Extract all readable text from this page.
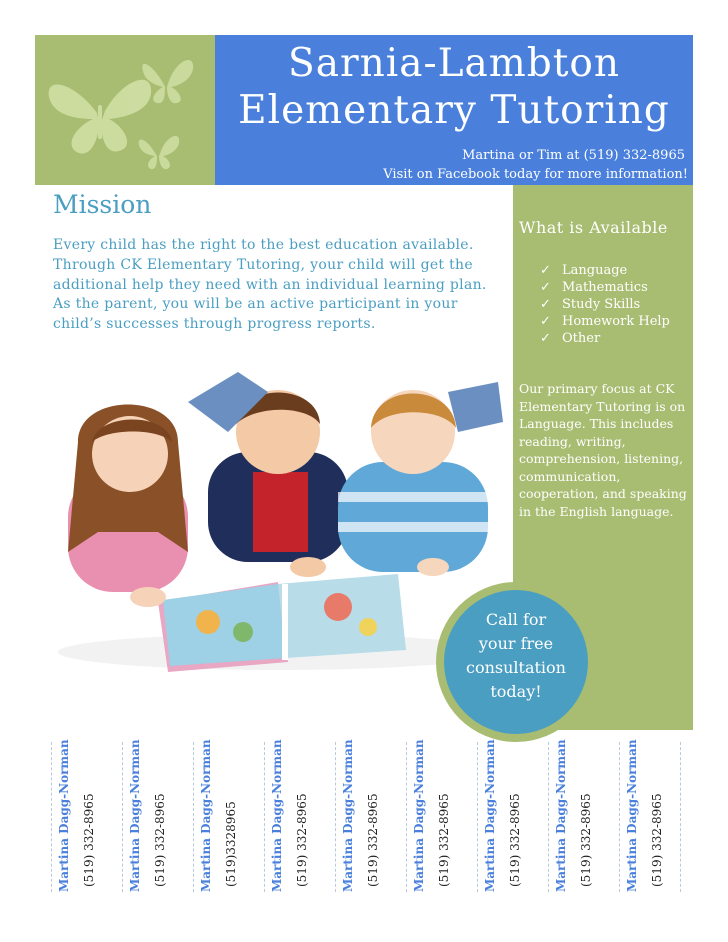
Sarnia-Lambton
Elementary Tutoring
Martina or Tim at (519) 332-8965
Visit on Facebook today for more information!
What is Available
✓ Language
✓ Mathematics
✓ Study Skills
✓ Homework Help
✓ Other
Our primary focus at CK Elementary Tutoring is on Language. This includes reading, writing, comprehension, listening, communication, cooperation, and speaking in the English language.
Mission
Every child has the right to the best education available. Through CK Elementary Tutoring, your child will get the additional help they need with an individual learning plan. As the parent, you will be an active participant in your child’s successes through progress reports.
Call for
your free
consultation
today!
Martina Dagg-Norman (519) 332-8965	Martina Dagg-Norman (519) 332-8965	Martina Dagg-Norman (519)3328965	Martina Dagg-Norman (519) 332-8965	Martina Dagg-Norman (519) 332-8965	Martina Dagg-Norman (519) 332-8965	Martina Dagg-Norman (519) 332-8965	Martina Dagg-Norman (519) 332-8965	Martina Dagg-Norman (519) 332-8965
